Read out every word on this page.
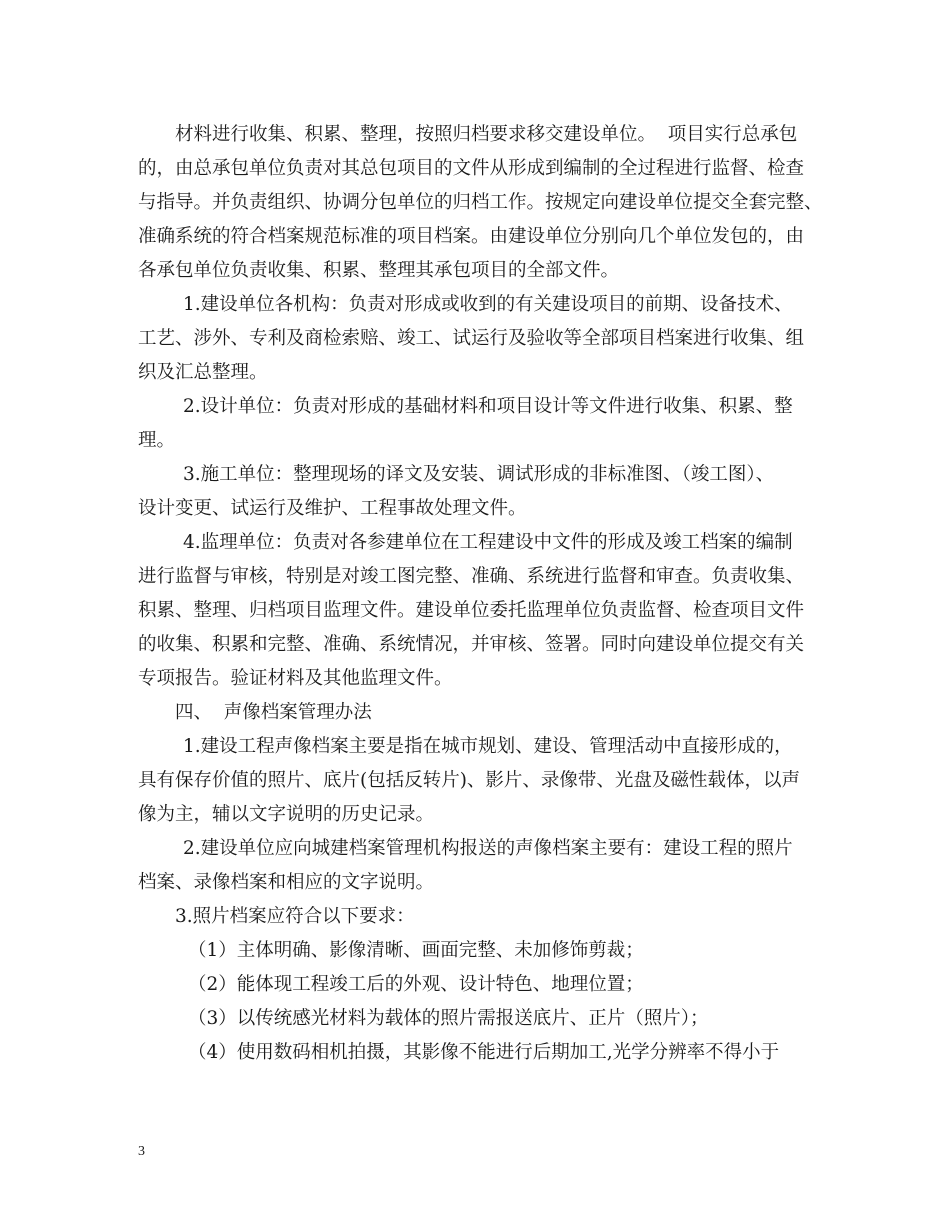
材料进行收集、积累、整理，按照归档要求移交建设单位。  项目实行总承包
的，由总承包单位负责对其总包项目的文件从形成到编制的全过程进行监督、检查
与指导。并负责组织、协调分包单位的归档工作。按规定向建设单位提交全套完整、
准确系统的符合档案规范标准的项目档案。由建设单位分别向几个单位发包的，由
各承包单位负责收集、积累、整理其承包项目的全部文件。
1.建设单位各机构：负责对形成或收到的有关建设项目的前期、设备技术、
工艺、涉外、专利及商检索赔、竣工、试运行及验收等全部项目档案进行收集、组
织及汇总整理。
2.设计单位：负责对形成的基础材料和项目设计等文件进行收集、积累、整
理。
3.施工单位：整理现场的译文及安装、调试形成的非标准图、（竣工图）、
设计变更、试运行及维护、工程事故处理文件。
4.监理单位：负责对各参建单位在工程建设中文件的形成及竣工档案的编制
进行监督与审核，特别是对竣工图完整、准确、系统进行监督和审查。负责收集、
积累、整理、归档项目监理文件。建设单位委托监理单位负责监督、检查项目文件
的收集、积累和完整、准确、系统情况，并审核、签署。同时向建设单位提交有关
专项报告。验证材料及其他监理文件。
四、  声像档案管理办法
1.建设工程声像档案主要是指在城市规划、建设、管理活动中直接形成的，
具有保存价值的照片、底片(包括反转片)、影片、录像带、光盘及磁性载体，以声
像为主，辅以文字说明的历史记录。
2.建设单位应向城建档案管理机构报送的声像档案主要有：建设工程的照片
档案、录像档案和相应的文字说明。
3.照片档案应符合以下要求：
（1）主体明确、影像清晰、画面完整、未加修饰剪裁；
（2）能体现工程竣工后的外观、设计特色、地理位置；
（3）以传统感光材料为载体的照片需报送底片、正片（照片）；
（4）使用数码相机拍摄，其影像不能进行后期加工,光学分辨率不得小于
3
